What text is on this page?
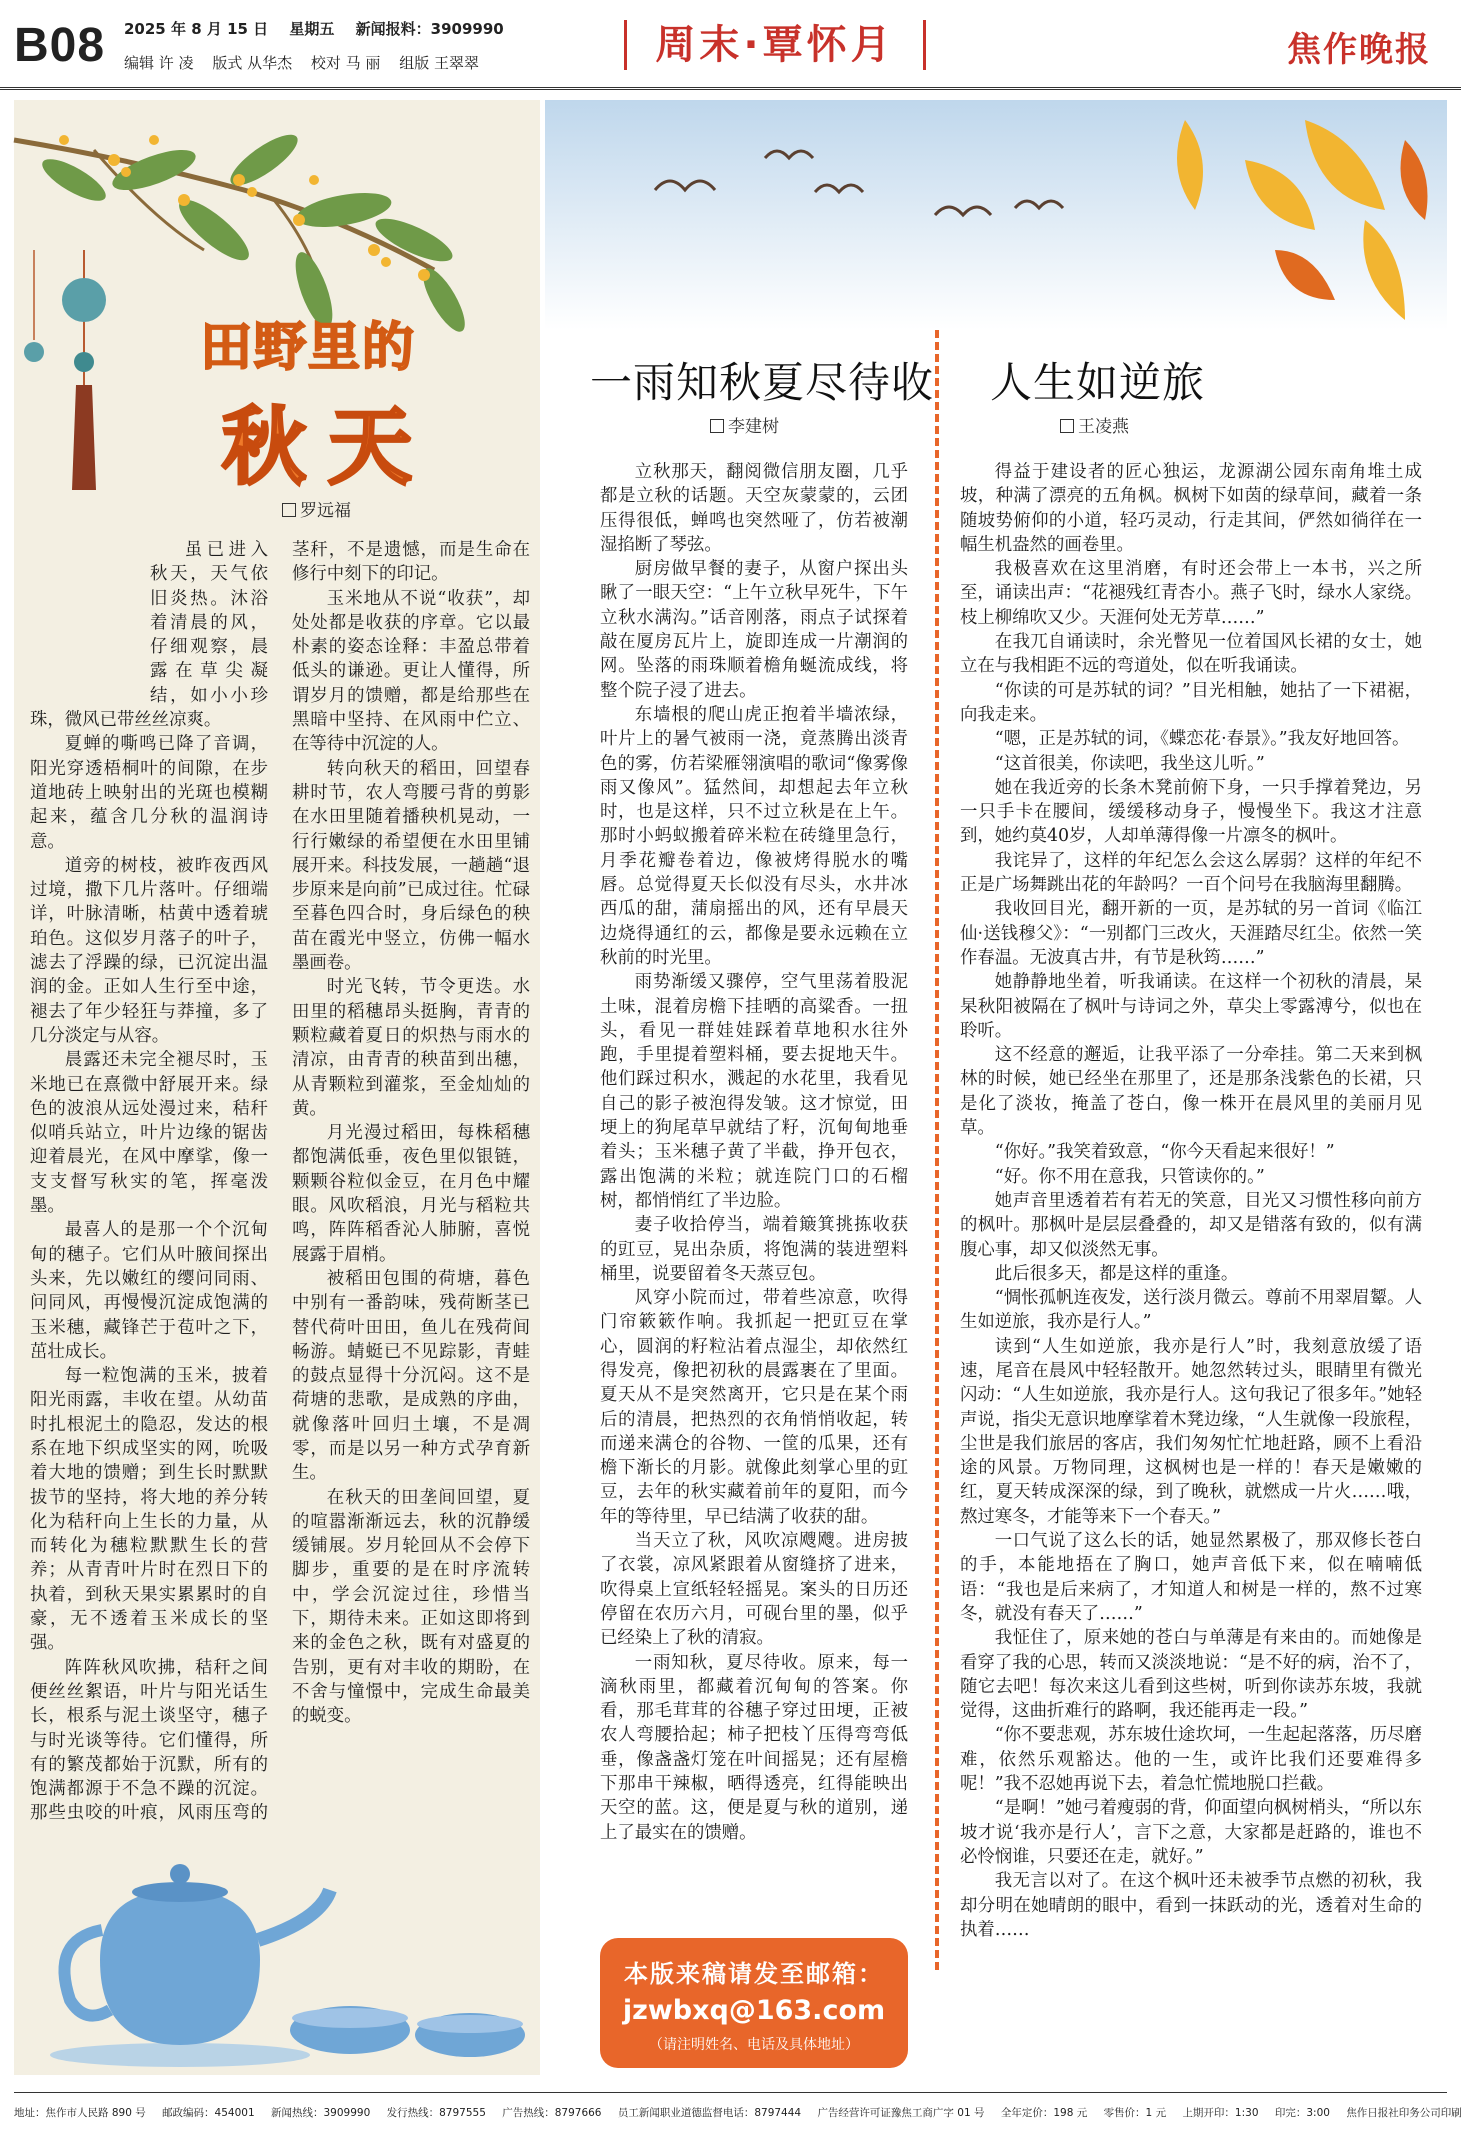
B08 2025 年 8 月 15 日 星期五 新闻报料：3909990
编辑 许 凌 版式 从华杰 校对 马 丽 组版 王翠翠	周末·覃怀月	焦作晚报
田野里的
秋天
罗远福

虽已进入秋天，天气依旧炎热。沐浴着清晨的风，仔细观察，晨露在草尖凝结，如小小珍珠，微风已带丝丝凉爽。

夏蝉的嘶鸣已降了音调，阳光穿透梧桐叶的间隙，在步道地砖上映射出的光斑也模糊起来，蕴含几分秋的温润诗意。

道旁的树枝，被昨夜西风过境，撒下几片落叶。仔细端详，叶脉清晰，枯黄中透着琥珀色。这似岁月落子的叶子，滤去了浮躁的绿，已沉淀出温润的金。正如人生行至中途，褪去了年少轻狂与莽撞，多了几分淡定与从容。

晨露还未完全褪尽时，玉米地已在熹微中舒展开来。绿色的波浪从远处漫过来，秸秆似哨兵站立，叶片边缘的锯齿迎着晨光，在风中摩挲，像一支支督写秋实的笔，挥毫泼墨。

最喜人的是那一个个沉甸甸的穗子。它们从叶腋间探出头来，先以嫩红的缨问同雨、问同风，再慢慢沉淀成饱满的玉米穗，藏锋芒于苞叶之下，茁壮成长。

每一粒饱满的玉米，披着阳光雨露，丰收在望。从幼苗时扎根泥土的隐忍，发达的根系在地下织成坚实的网，吮吸着大地的馈赠；到生长时默默拔节的坚持，将大地的养分转化为秸秆向上生长的力量，从而转化为穗粒默默生长的营养；从青青叶片时在烈日下的执着，到秋天果实累累时的自豪，无不透着玉米成长的坚强。

阵阵秋风吹拂，秸秆之间便丝丝絮语，叶片与阳光话生长，根系与泥土谈坚守，穗子与时光谈等待。它们懂得，所有的繁茂都始于沉默，所有的饱满都源于不急不躁的沉淀。那些虫咬的叶痕，风雨压弯的茎秆，不是遗憾，而是生命在修行中刻下的印记。

玉米地从不说“收获”，却处处都是收获的序章。它以最朴素的姿态诠释：丰盈总带着低头的谦逊。更让人懂得，所谓岁月的馈赠，都是给那些在黑暗中坚持、在风雨中伫立、在等待中沉淀的人。

转向秋天的稻田，回望春耕时节，农人弯腰弓背的剪影在水田里随着播秧机晃动，一行行嫩绿的希望便在水田里铺展开来。科技发展，一趟趟“退步原来是向前”已成过往。忙碌至暮色四合时，身后绿色的秧苗在霞光中竖立，仿佛一幅水墨画卷。

时光飞转，节令更迭。水田里的稻穗昂头挺胸，青青的颗粒藏着夏日的炽热与雨水的清凉，由青青的秧苗到出穗，从青颗粒到灌浆，至金灿灿的黄。

月光漫过稻田，每株稻穗都饱满低垂，夜色里似银链，颗颗谷粒似金豆，在月色中耀眼。风吹稻浪，月光与稻粒共鸣，阵阵稻香沁人肺腑，喜悦展露于眉梢。

被稻田包围的荷塘，暮色中别有一番韵味，残荷断茎已替代荷叶田田，鱼儿在残荷间畅游。蜻蜓已不见踪影，青蛙的鼓点显得十分沉闷。这不是荷塘的悲歌，是成熟的序曲，就像落叶回归土壤，不是凋零，而是以另一种方式孕育新生。

在秋天的田垄间回望，夏的喧嚣渐渐远去，秋的沉静缓缓铺展。岁月轮回从不会停下脚步，重要的是在时序流转中，学会沉淀过往，珍惜当下，期待未来。正如这即将到来的金色之秋，既有对盛夏的告别，更有对丰收的期盼，在不舍与憧憬中，完成生命最美的蜕变。

一雨知秋夏尽待收
李建树

立秋那天，翻阅微信朋友圈，几乎都是立秋的话题。天空灰蒙蒙的，云团压得很低，蝉鸣也突然哑了，仿若被潮湿掐断了琴弦。

厨房做早餐的妻子，从窗户探出头瞅了一眼天空：“上午立秋早死牛，下午立秋水满沟。”话音刚落，雨点子试探着敲在厦房瓦片上，旋即连成一片潮润的网。坠落的雨珠顺着檐角蜒流成线，将整个院子浸了进去。

东墙根的爬山虎正抱着半墙浓绿，叶片上的暑气被雨一浇，竟蒸腾出淡青色的雾，仿若梁雁翎演唱的歌词“像雾像雨又像风”。猛然间，却想起去年立秋时，也是这样，只不过立秋是在上午。那时小蚂蚁搬着碎米粒在砖缝里急行，月季花瓣卷着边，像被烤得脱水的嘴唇。总觉得夏天长似没有尽头，水井冰西瓜的甜，蒲扇摇出的风，还有早晨天边烧得通红的云，都像是要永远赖在立秋前的时光里。

雨势渐缓又骤停，空气里荡着股泥土味，混着房檐下挂晒的高粱香。一扭头，看见一群娃娃踩着草地积水往外跑，手里提着塑料桶，要去捉地天牛。他们踩过积水，溅起的水花里，我看见自己的影子被泡得发皱。这才惊觉，田埂上的狗尾草早就结了籽，沉甸甸地垂着头；玉米穗子黄了半截，挣开包衣，露出饱满的米粒；就连院门口的石榴树，都悄悄红了半边脸。

妻子收拾停当，端着簸箕挑拣收获的豇豆，晃出杂质，将饱满的装进塑料桶里，说要留着冬天蒸豆包。

风穿小院而过，带着些凉意，吹得门帘簌簌作响。我抓起一把豇豆在掌心，圆润的籽粒沾着点湿尘，却依然红得发亮，像把初秋的晨露裹在了里面。夏天从不是突然离开，它只是在某个雨后的清晨，把热烈的衣角悄悄收起，转而递来满仓的谷物、一筐的瓜果，还有檐下渐长的月影。就像此刻掌心里的豇豆，去年的秋实藏着前年的夏阳，而今年的等待里，早已结满了收获的甜。

当天立了秋，风吹凉飕飕。进房披了衣裳，凉风紧跟着从窗缝挤了进来，吹得桌上宣纸轻轻摇晃。案头的日历还停留在农历六月，可砚台里的墨，似乎已经染上了秋的清寂。

一雨知秋，夏尽待收。原来，每一滴秋雨里，都藏着沉甸甸的答案。你看，那毛茸茸的谷穗子穿过田埂，正被农人弯腰拾起；柿子把枝丫压得弯弯低垂，像盏盏灯笼在叶间摇晃；还有屋檐下那串干辣椒，晒得透亮，红得能映出天空的蓝。这，便是夏与秋的道别，递上了最实在的馈赠。

人生如逆旅
王凌燕

得益于建设者的匠心独运，龙源湖公园东南角堆土成坡，种满了漂亮的五角枫。枫树下如茵的绿草间，藏着一条随坡势俯仰的小道，轻巧灵动，行走其间，俨然如徜徉在一幅生机盎然的画卷里。

我极喜欢在这里消磨，有时还会带上一本书，兴之所至，诵读出声：“花褪残红青杏小。燕子飞时，绿水人家绕。枝上柳绵吹又少。天涯何处无芳草……”

在我兀自诵读时，余光瞥见一位着国风长裙的女士，她立在与我相距不远的弯道处，似在听我诵读。

“你读的可是苏轼的词？”目光相触，她拈了一下裙裾，向我走来。

“嗯，正是苏轼的词，《蝶恋花·春景》。”我友好地回答。

“这首很美，你读吧，我坐这儿听。”

她在我近旁的长条木凳前俯下身，一只手撑着凳边，另一只手卡在腰间，缓缓移动身子，慢慢坐下。我这才注意到，她约莫40岁，人却单薄得像一片凛冬的枫叶。

我诧异了，这样的年纪怎么会这么孱弱？这样的年纪不正是广场舞跳出花的年龄吗？一百个问号在我脑海里翻腾。

我收回目光，翻开新的一页，是苏轼的另一首词《临江仙·送钱穆父》：“一别都门三改火，天涯踏尽红尘。依然一笑作春温。无波真古井，有节是秋筠……”

她静静地坐着，听我诵读。在这样一个初秋的清晨，杲杲秋阳被隔在了枫叶与诗词之外，草尖上零露溥兮，似也在聆听。

这不经意的邂逅，让我平添了一分牵挂。第二天来到枫林的时候，她已经坐在那里了，还是那条浅紫色的长裙，只是化了淡妆，掩盖了苍白，像一株开在晨风里的美丽月见草。

“你好。”我笑着致意，“你今天看起来很好！”

“好。你不用在意我，只管读你的。”

她声音里透着若有若无的笑意，目光又习惯性移向前方的枫叶。那枫叶是层层叠叠的，却又是错落有致的，似有满腹心事，却又似淡然无事。

此后很多天，都是这样的重逢。

“惆怅孤帆连夜发，送行淡月微云。尊前不用翠眉颦。人生如逆旅，我亦是行人。”

读到“人生如逆旅，我亦是行人”时，我刻意放缓了语速，尾音在晨风中轻轻散开。她忽然转过头，眼睛里有微光闪动：“人生如逆旅，我亦是行人。这句我记了很多年。”她轻声说，指尖无意识地摩挲着木凳边缘，“人生就像一段旅程，尘世是我们旅居的客店，我们匆匆忙忙地赶路，顾不上看沿途的风景。万物同理，这枫树也是一样的！春天是嫩嫩的红，夏天转成深深的绿，到了晚秋，就燃成一片火……哦，熬过寒冬，才能等来下一个春天。”

一口气说了这么长的话，她显然累极了，那双修长苍白的手，本能地捂在了胸口，她声音低下来，似在喃喃低语：“我也是后来病了，才知道人和树是一样的，熬不过寒冬，就没有春天了……”

我怔住了，原来她的苍白与单薄是有来由的。而她像是看穿了我的心思，转而又淡淡地说：“是不好的病，治不了，随它去吧！每次来这儿看到这些树，听到你读苏东坡，我就觉得，这曲折难行的路啊，我还能再走一段。”

“你不要悲观，苏东坡仕途坎坷，一生起起落落，历尽磨难，依然乐观豁达。他的一生，或许比我们还要难得多呢！”我不忍她再说下去，着急忙慌地脱口拦截。

“是啊！”她弓着瘦弱的背，仰面望向枫树梢头，“所以东坡才说‘我亦是行人’，言下之意，大家都是赶路的，谁也不必怜悯谁，只要还在走，就好。”

我无言以对了。在这个枫叶还未被季节点燃的初秋，我却分明在她晴朗的眼中，看到一抹跃动的光，透着对生命的执着……

本版来稿请发至邮箱：
jzwbxq@163.com
（请注明姓名、电话及具体地址）
地址：焦作市人民路 890 号 邮政编码：454001 新闻热线：3909990 发行热线：8797555 广告热线：8797666 员工新闻职业道德监督电话：8797444 广告经营许可证豫焦工商广字 01 号 全年定价：198 元 零售价：1 元 上期开印：1:30 印完：3:00 焦作日报社印务公司印刷
